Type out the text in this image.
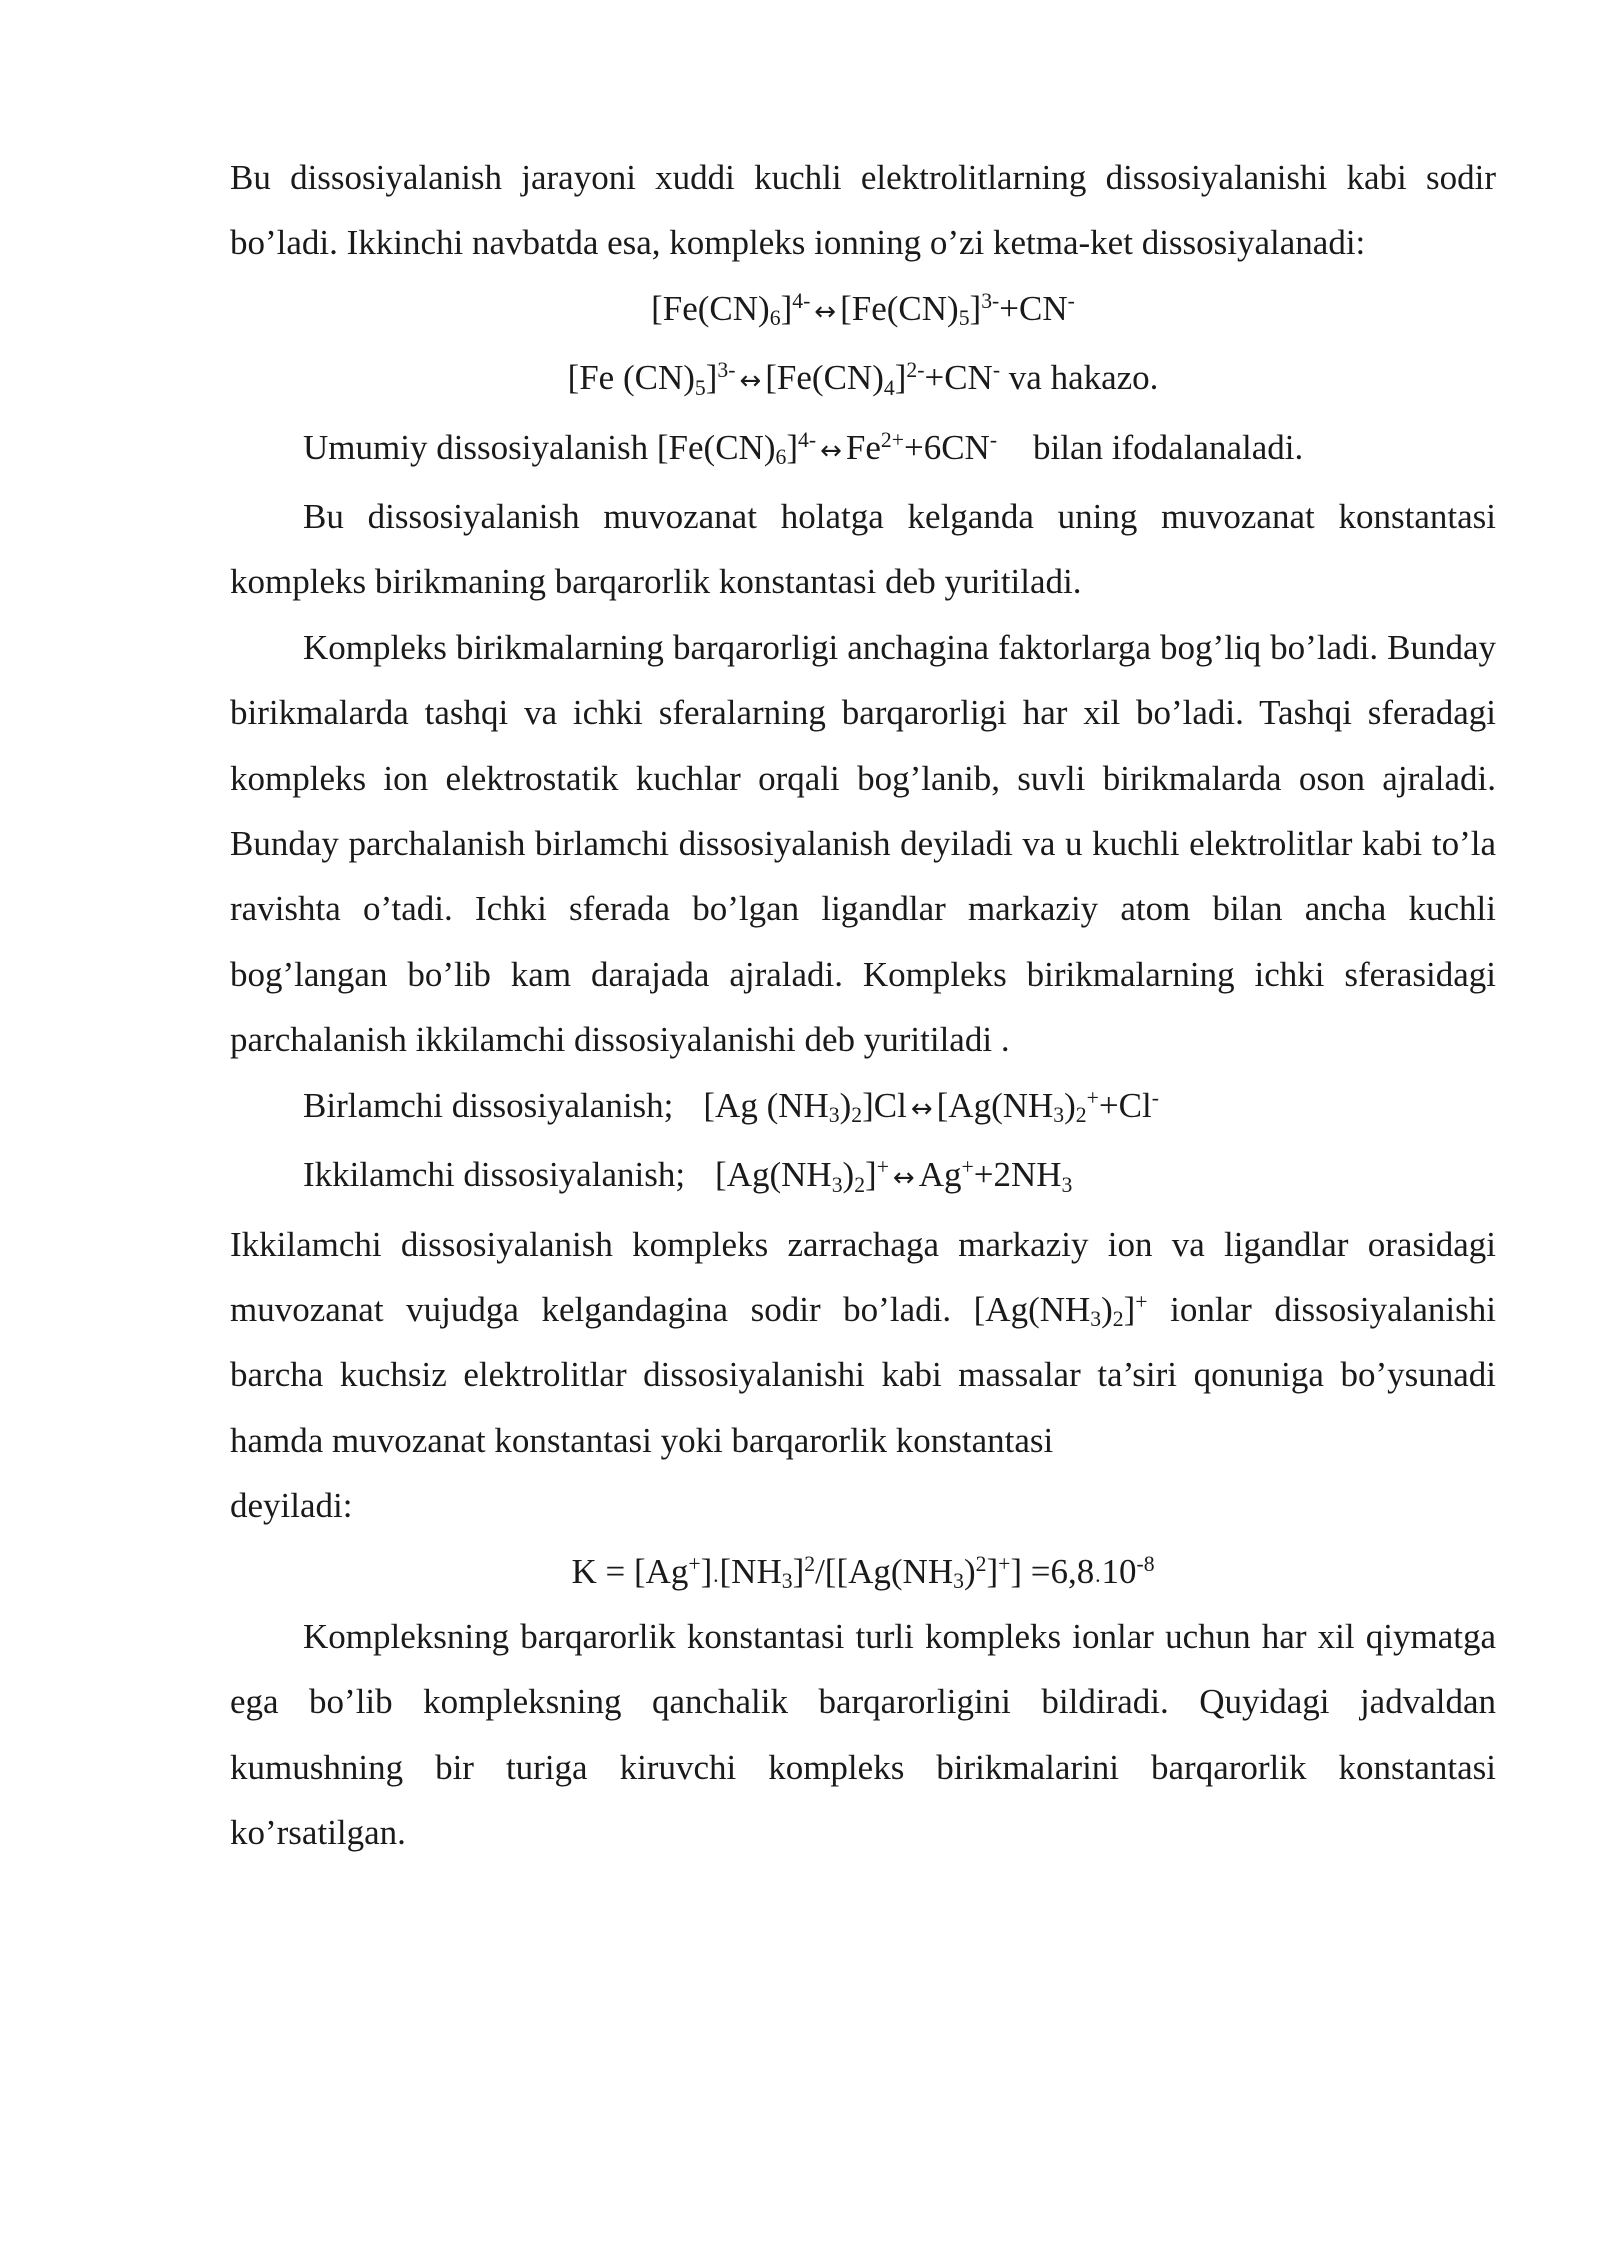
Bu dissosiyalanish jarayoni xuddi kuchli elektrolitlarning dissosiyalanishi kabi sodir bo’ladi. Ikkinchi navbatda esa, kompleks ionning o’zi ketma-ket dissosiyalanadi:

$[Fe(CN)_6]^{4-}$ ↔ $[Fe(CN)_5]^{3-}+CN^-$

[Fe $(CN)_5]^{3-}$ ↔ $[Fe(CN)_4]^{2-}+CN^-$ va hakazo.

Umumiy dissosiyalanish $[Fe(CN)_6]^{4-}$ ↔ $Fe^{2+}+6CN^-$ bilan ifodalanaladi.

Bu dissosiyalanish muvozanat holatga kelganda uning muvozanat konstantasi kompleks birikmaning barqarorlik konstantasi deb yuritiladi.

Kompleks birikmalarning barqarorligi anchagina faktorlarga bog’liq bo’ladi. Bunday birikmalarda tashqi va ichki sferalarning barqarorligi har xil bo’ladi. Tashqi sferadagi kompleks ion elektrostatik kuchlar orqali bog’lanib, suvli birikmalarda oson ajraladi. Bunday parchalanish birlamchi dissosiyalanish deyiladi va u kuchli elektrolitlar kabi to’la ravishta o’tadi. Ichki sferada bo’lgan ligandlar markaziy atom bilan ancha kuchli bog’langan bo’lib kam darajada ajraladi. Kompleks birikmalarning ichki sferasidagi parchalanish ikkilamchi dissosiyalanishi deb yuritiladi .

Birlamchi dissosiyalanish; [Ag $(NH_3)_2]Cl$ ↔ [$Ag(NH_3)_2^++Cl^-$

Ikkilamchi dissosiyalanish; $[Ag(NH_3)_2]^+$ ↔ $Ag^++2NH_3$

Ikkilamchi dissosiyalanish kompleks zarrachaga markaziy ion va ligandlar orasidagi muvozanat vujudga kelgandagina sodir bo’ladi. $[Ag(NH_3)_2]^+$ ionlar dissosiyalanishi barcha kuchsiz elektrolitlar dissosiyalanishi kabi massalar ta’siri qonuniga bo’ysunadi hamda muvozanat konstantasi yoki barqarorlik konstantasi

deyiladi:

$K = [Ag^+]_\cdot[NH_3]^2/[[Ag(NH_3)^2]^+] =6,8_\cdot 10^{-8}$

Kompleksning barqarorlik konstantasi turli kompleks ionlar uchun har xil qiymatga ega bo’lib kompleksning qanchalik barqarorligini bildiradi. Quyidagi jadvaldan kumushning bir turiga kiruvchi kompleks birikmalarini barqarorlik konstantasi ko’rsatilgan.
